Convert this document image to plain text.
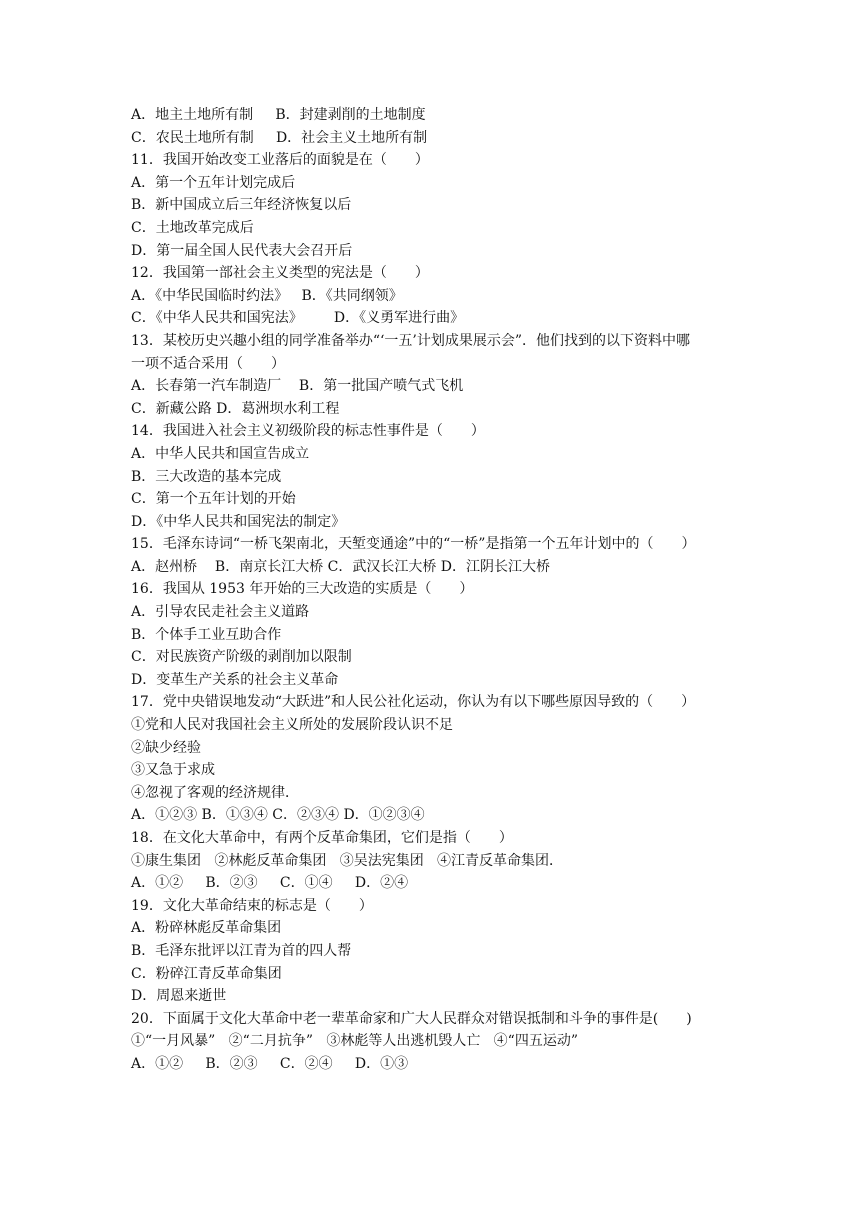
A．地主土地所有制     B．封建剥削的土地制度
C．农民土地所有制     D．社会主义土地所有制
11．我国开始改变工业落后的面貌是在（　　）
A．第一个五年计划完成后
B．新中国成立后三年经济恢复以后
C．土地改革完成后
D．第一届全国人民代表大会召开后
12．我国第一部社会主义类型的宪法是（　　）
A．《中华民国临时约法》   B．《共同纲领》
C．《中华人民共和国宪法》       D．《义勇军进行曲》
13．某校历史兴趣小组的同学准备举办“‘一五’计划成果展示会”．他们找到的以下资料中哪
一项不适合采用（　　）
A．长春第一汽车制造厂    B．第一批国产喷气式飞机
C．新藏公路 D．葛洲坝水利工程
14．我国进入社会主义初级阶段的标志性事件是（　　）
A．中华人民共和国宣告成立
B．三大改造的基本完成
C．第一个五年计划的开始
D．《中华人民共和国宪法的制定》
15．毛泽东诗词“一桥飞架南北，天堑变通途”中的“一桥”是指第一个五年计划中的（　　）
A．赵州桥    B．南京长江大桥 C．武汉长江大桥 D．江阴长江大桥
16．我国从 1953 年开始的三大改造的实质是（　　）
A．引导农民走社会主义道路
B．个体手工业互助合作
C．对民族资产阶级的剥削加以限制
D．变革生产关系的社会主义革命
17．党中央错误地发动“大跃进”和人民公社化运动，你认为有以下哪些原因导致的（　　）
①党和人民对我国社会主义所处的发展阶段认识不足
②缺少经验
③又急于求成
④忽视了客观的经济规律．
A．①②③ B．①③④ C．②③④ D．①②③④
18．在文化大革命中，有两个反革命集团，它们是指（　　）
①康生集团   ②林彪反革命集团   ③吴法宪集团   ④江青反革命集团．
A．①②     B．②③     C．①④     D．②④
19．文化大革命结束的标志是（　　）
A．粉碎林彪反革命集团
B．毛泽东批评以江青为首的四人帮
C．粉碎江青反革命集团
D．周恩来逝世
20．下面属于文化大革命中老一辈革命家和广大人民群众对错误抵制和斗争的事件是(　　)
①“一月风暴”   ②“二月抗争”   ③林彪等人出逃机毁人亡   ④“四五运动”
A．①②     B．②③     C．②④     D．①③
